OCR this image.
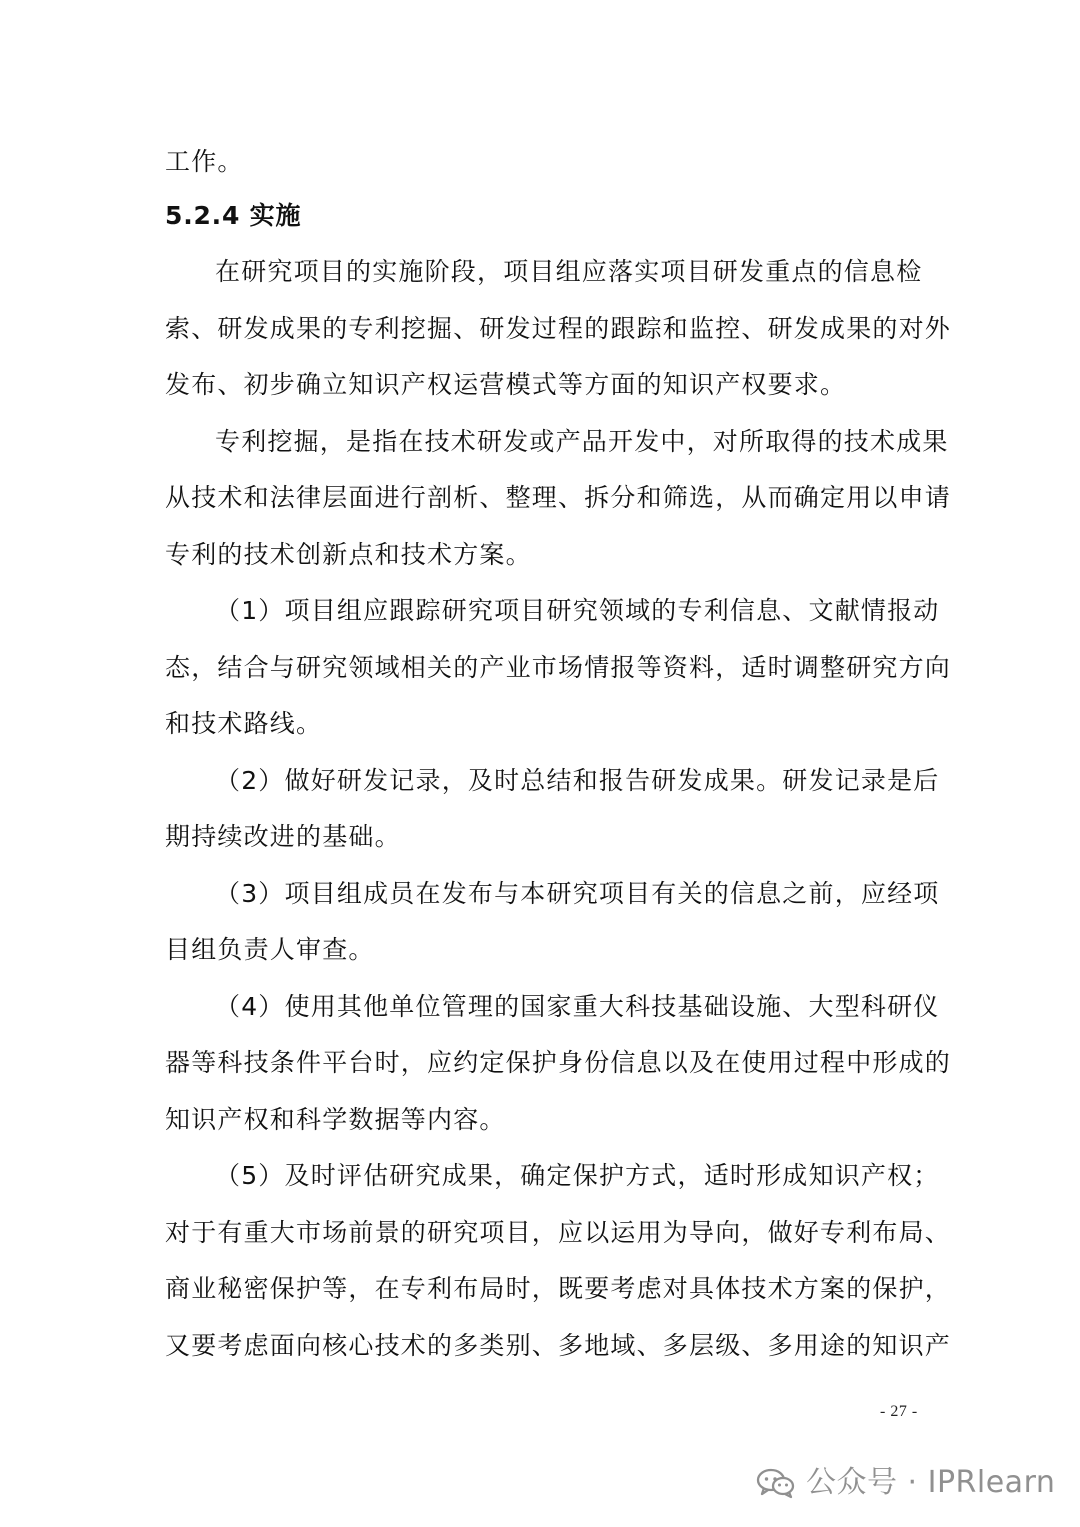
工作。
5.2.4 实施
在研究项目的实施阶段，项目组应落实项目研发重点的信息检
索、研发成果的专利挖掘、研发过程的跟踪和监控、研发成果的对外
发布、初步确立知识产权运营模式等方面的知识产权要求。
专利挖掘，是指在技术研发或产品开发中，对所取得的技术成果
从技术和法律层面进行剖析、整理、拆分和筛选，从而确定用以申请
专利的技术创新点和技术方案。
（1）项目组应跟踪研究项目研究领域的专利信息、文献情报动
态，结合与研究领域相关的产业市场情报等资料，适时调整研究方向
和技术路线。
（2）做好研发记录，及时总结和报告研发成果。研发记录是后
期持续改进的基础。
（3）项目组成员在发布与本研究项目有关的信息之前，应经项
目组负责人审查。
（4）使用其他单位管理的国家重大科技基础设施、大型科研仪
器等科技条件平台时，应约定保护身份信息以及在使用过程中形成的
知识产权和科学数据等内容。
（5）及时评估研究成果，确定保护方式，适时形成知识产权；
对于有重大市场前景的研究项目，应以运用为导向，做好专利布局、
商业秘密保护等，在专利布局时，既要考虑对具体技术方案的保护，
又要考虑面向核心技术的多类别、多地域、多层级、多用途的知识产
- 27 -
公众号 · IPRlearn
